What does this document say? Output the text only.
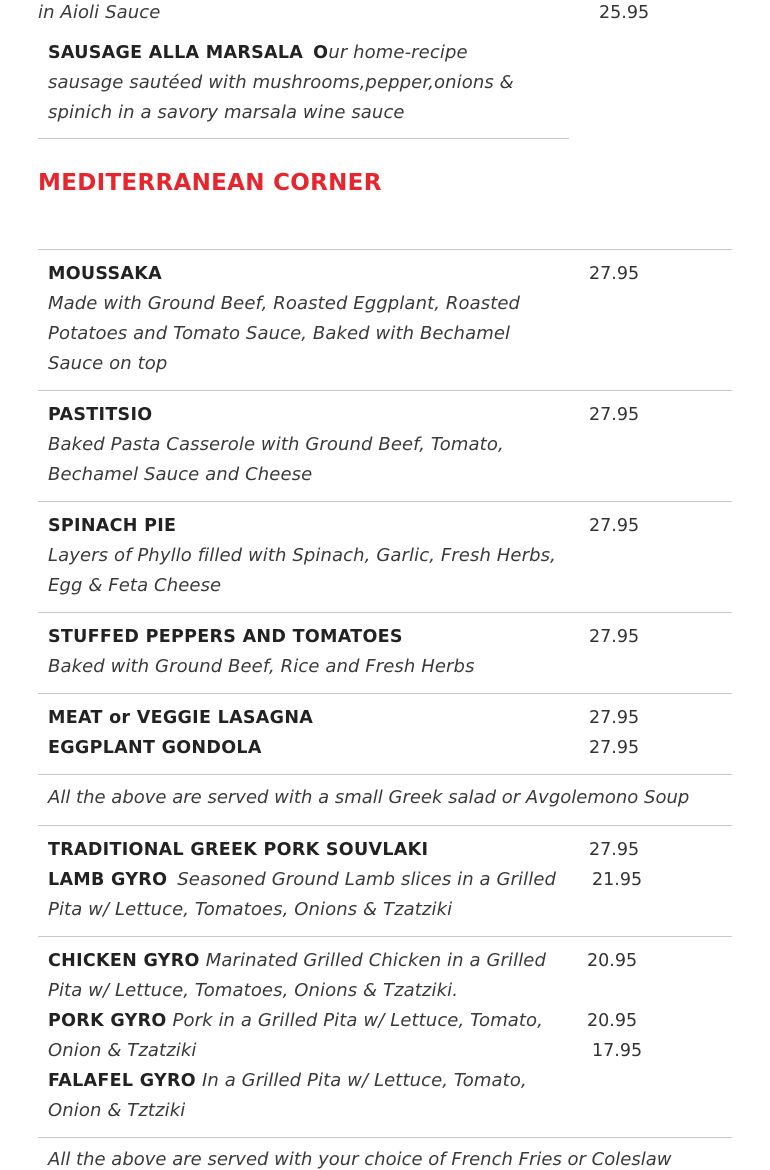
in Aioli Sauce	25.95
SAUSAGE ALLA MARSALA Our home-recipe
sausage sautéed with mushrooms,pepper,onions &
spinich in a savory marsala wine sauce
MEDITERRANEAN CORNER
MOUSSAKA
Made with Ground Beef, Roasted Eggplant, Roasted
Potatoes and Tomato Sauce, Baked with Bechamel
Sauce on top
27.95
PASTITSIO
Baked Pasta Casserole with Ground Beef, Tomato,
Bechamel Sauce and Cheese
27.95
SPINACH PIE
Layers of Phyllo filled with Spinach, Garlic, Fresh Herbs,
Egg & Feta Cheese
27.95
STUFFED PEPPERS AND TOMATOES
Baked with Ground Beef, Rice and Fresh Herbs
27.95
MEAT or VEGGIE LASAGNA
EGGPLANT GONDOLA
27.95
27.95
All the above are served with a small Greek salad or Avgolemono Soup
TRADITIONAL GREEK PORK SOUVLAKI
LAMB GYRO Seasoned Ground Lamb slices in a Grilled
Pita w/ Lettuce, Tomatoes, Onions & Tzatziki
27.95
21.95
CHICKEN GYRO Marinated Grilled Chicken in a Grilled
Pita w/ Lettuce, Tomatoes, Onions & Tzatziki.
PORK GYRO Pork in a Grilled Pita w/ Lettuce, Tomato,
Onion & Tzatziki
FALAFEL GYRO In a Grilled Pita w/ Lettuce, Tomato,
Onion & Tztziki
20.95
20.95
17.95
All the above are served with your choice of French Fries or Coleslaw
